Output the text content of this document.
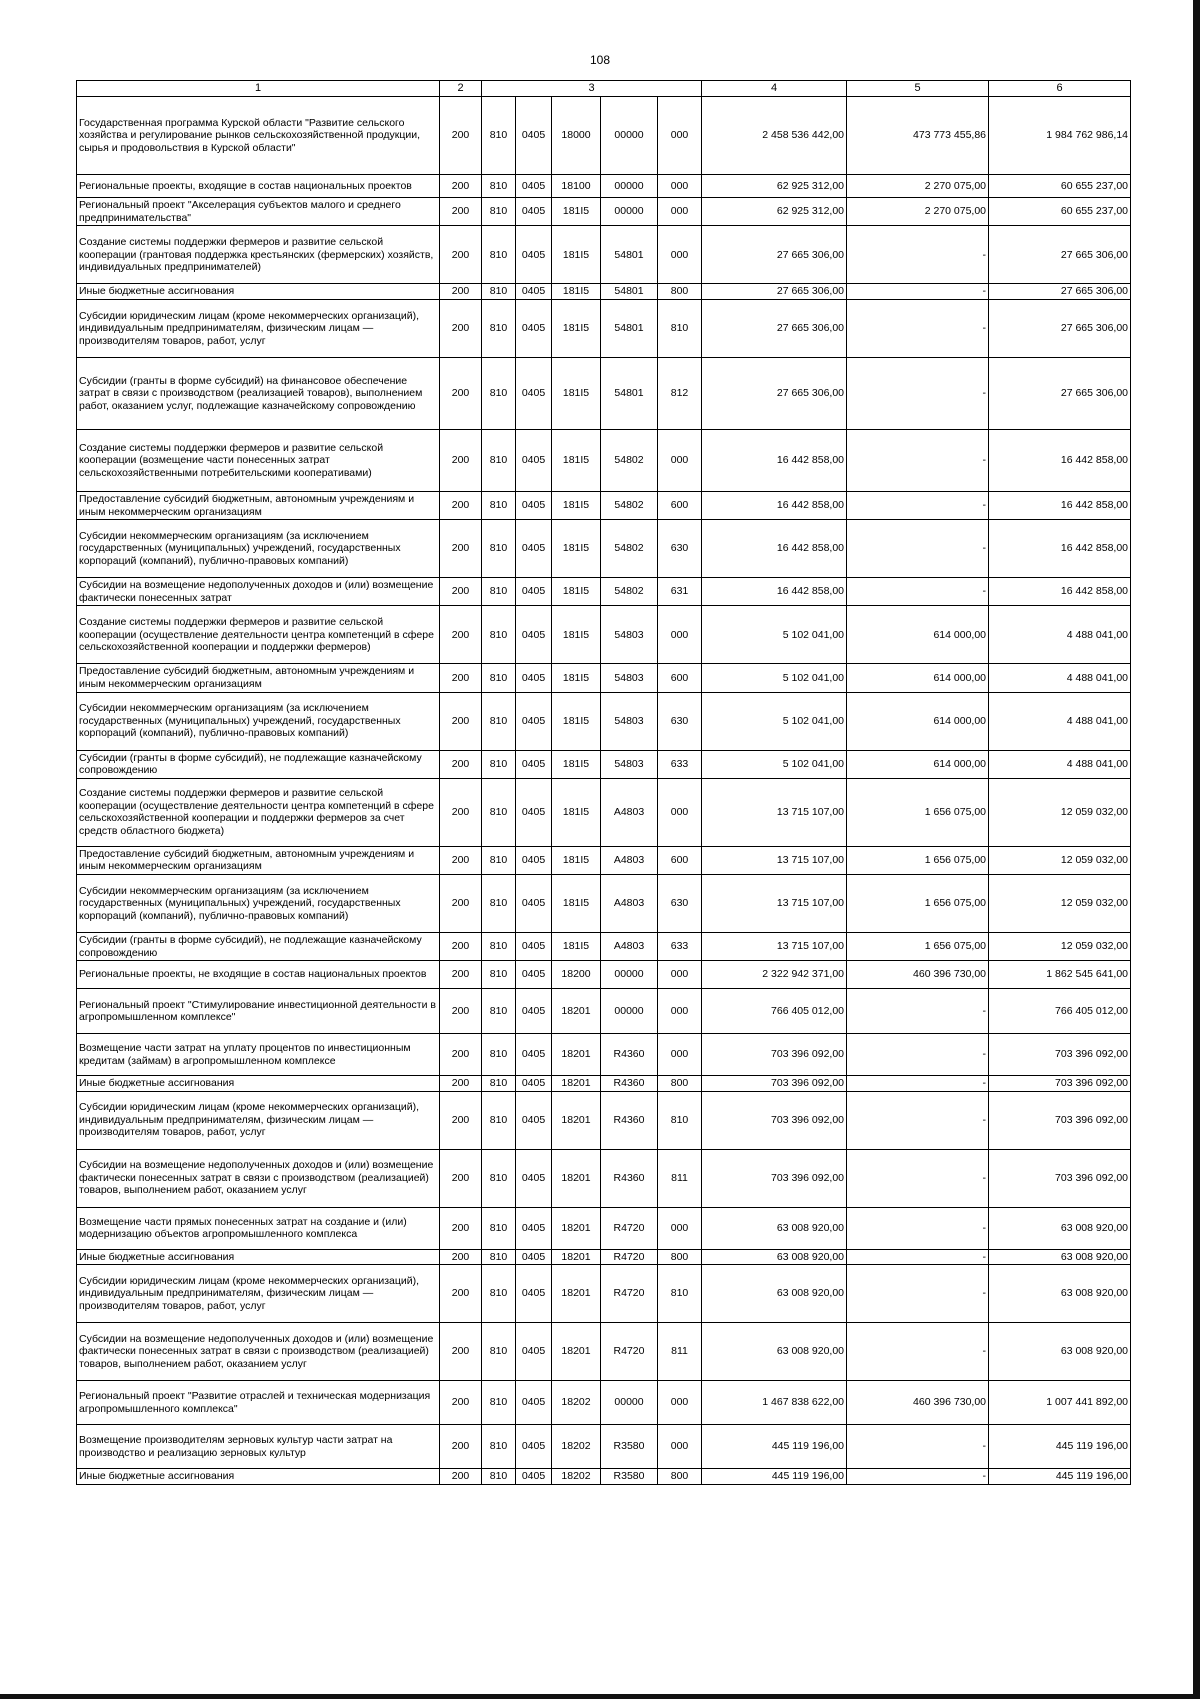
108
1	2	3					4	5	6
Государственная программа Курской области "Развитие сельского хозяйства и регулирование рынков сельскохозяйственной продукции, сырья и продовольствия в Курской области"	200	810	0405	18000	00000	000	2 458 536 442,00	473 773 455,86	1 984 762 986,14
Региональные проекты, входящие в состав национальных проектов	200	810	0405	18100	00000	000	62 925 312,00	2 270 075,00	60 655 237,00
Региональный проект "Акселерация субъектов малого и среднего предпринимательства"	200	810	0405	181I5	00000	000	62 925 312,00	2 270 075,00	60 655 237,00
Создание системы поддержки фермеров и развитие сельской кооперации (грантовая поддержка крестьянских (фермерских) хозяйств, индивидуальных предпринимателей)	200	810	0405	181I5	54801	000	27 665 306,00	-	27 665 306,00
Иные бюджетные ассигнования	200	810	0405	181I5	54801	800	27 665 306,00	-	27 665 306,00
Субсидии юридическим лицам (кроме некоммерческих организаций), индивидуальным предпринимателям, физическим лицам — производителям товаров, работ, услуг	200	810	0405	181I5	54801	810	27 665 306,00	-	27 665 306,00
Субсидии (гранты в форме субсидий) на финансовое обеспечение затрат в связи с производством (реализацией товаров), выполнением работ, оказанием услуг, подлежащие казначейскому сопровождению	200	810	0405	181I5	54801	812	27 665 306,00	-	27 665 306,00
Создание системы поддержки фермеров и развитие сельской кооперации (возмещение части понесенных затрат сельскохозяйственными потребительскими кооперативами)	200	810	0405	181I5	54802	000	16 442 858,00	-	16 442 858,00
Предоставление субсидий бюджетным, автономным учреждениям и иным некоммерческим организациям	200	810	0405	181I5	54802	600	16 442 858,00	-	16 442 858,00
Субсидии некоммерческим организациям (за исключением государственных (муниципальных) учреждений, государственных корпораций (компаний), публично-правовых компаний)	200	810	0405	181I5	54802	630	16 442 858,00	-	16 442 858,00
Субсидии на возмещение недополученных доходов и (или) возмещение фактически понесенных затрат	200	810	0405	181I5	54802	631	16 442 858,00	-	16 442 858,00
Создание системы поддержки фермеров и развитие сельской кооперации (осуществление деятельности центра компетенций в сфере сельскохозяйственной кооперации и поддержки фермеров)	200	810	0405	181I5	54803	000	5 102 041,00	614 000,00	4 488 041,00
Предоставление субсидий бюджетным, автономным учреждениям и иным некоммерческим организациям	200	810	0405	181I5	54803	600	5 102 041,00	614 000,00	4 488 041,00
Субсидии некоммерческим организациям (за исключением государственных (муниципальных) учреждений, государственных корпораций (компаний), публично-правовых компаний)	200	810	0405	181I5	54803	630	5 102 041,00	614 000,00	4 488 041,00
Субсидии (гранты в форме субсидий), не подлежащие казначейскому сопровождению	200	810	0405	181I5	54803	633	5 102 041,00	614 000,00	4 488 041,00
Создание системы поддержки фермеров и развитие сельской кооперации (осуществление деятельности центра компетенций в сфере сельскохозяйственной кооперации и поддержки фермеров за счет средств областного бюджета)	200	810	0405	181I5	A4803	000	13 715 107,00	1 656 075,00	12 059 032,00
Предоставление субсидий бюджетным, автономным учреждениям и иным некоммерческим организациям	200	810	0405	181I5	A4803	600	13 715 107,00	1 656 075,00	12 059 032,00
Субсидии некоммерческим организациям (за исключением государственных (муниципальных) учреждений, государственных корпораций (компаний), публично-правовых компаний)	200	810	0405	181I5	A4803	630	13 715 107,00	1 656 075,00	12 059 032,00
Субсидии (гранты в форме субсидий), не подлежащие казначейскому сопровождению	200	810	0405	181I5	A4803	633	13 715 107,00	1 656 075,00	12 059 032,00
Региональные проекты, не входящие в состав национальных проектов	200	810	0405	18200	00000	000	2 322 942 371,00	460 396 730,00	1 862 545 641,00
Региональный проект "Стимулирование инвестиционной деятельности в агропромышленном комплексе"	200	810	0405	18201	00000	000	766 405 012,00	-	766 405 012,00
Возмещение части затрат на уплату процентов по инвестиционным кредитам (займам) в агропромышленном комплексе	200	810	0405	18201	R4360	000	703 396 092,00	-	703 396 092,00
Иные бюджетные ассигнования	200	810	0405	18201	R4360	800	703 396 092,00	-	703 396 092,00
Субсидии юридическим лицам (кроме некоммерческих организаций), индивидуальным предпринимателям, физическим лицам — производителям товаров, работ, услуг	200	810	0405	18201	R4360	810	703 396 092,00	-	703 396 092,00
Субсидии на возмещение недополученных доходов и (или) возмещение фактически понесенных затрат в связи с производством (реализацией) товаров, выполнением работ, оказанием услуг	200	810	0405	18201	R4360	811	703 396 092,00	-	703 396 092,00
Возмещение части прямых понесенных затрат на создание и (или) модернизацию объектов агропромышленного комплекса	200	810	0405	18201	R4720	000	63 008 920,00	-	63 008 920,00
Иные бюджетные ассигнования	200	810	0405	18201	R4720	800	63 008 920,00	-	63 008 920,00
Субсидии юридическим лицам (кроме некоммерческих организаций), индивидуальным предпринимателям, физическим лицам — производителям товаров, работ, услуг	200	810	0405	18201	R4720	810	63 008 920,00	-	63 008 920,00
Субсидии на возмещение недополученных доходов и (или) возмещение фактически понесенных затрат в связи с производством (реализацией) товаров, выполнением работ, оказанием услуг	200	810	0405	18201	R4720	811	63 008 920,00	-	63 008 920,00
Региональный проект "Развитие отраслей и техническая модернизация агропромышленного комплекса"	200	810	0405	18202	00000	000	1 467 838 622,00	460 396 730,00	1 007 441 892,00
Возмещение производителям зерновых культур части затрат на производство и реализацию зерновых культур	200	810	0405	18202	R3580	000	445 119 196,00	-	445 119 196,00
Иные бюджетные ассигнования	200	810	0405	18202	R3580	800	445 119 196,00	-	445 119 196,00
